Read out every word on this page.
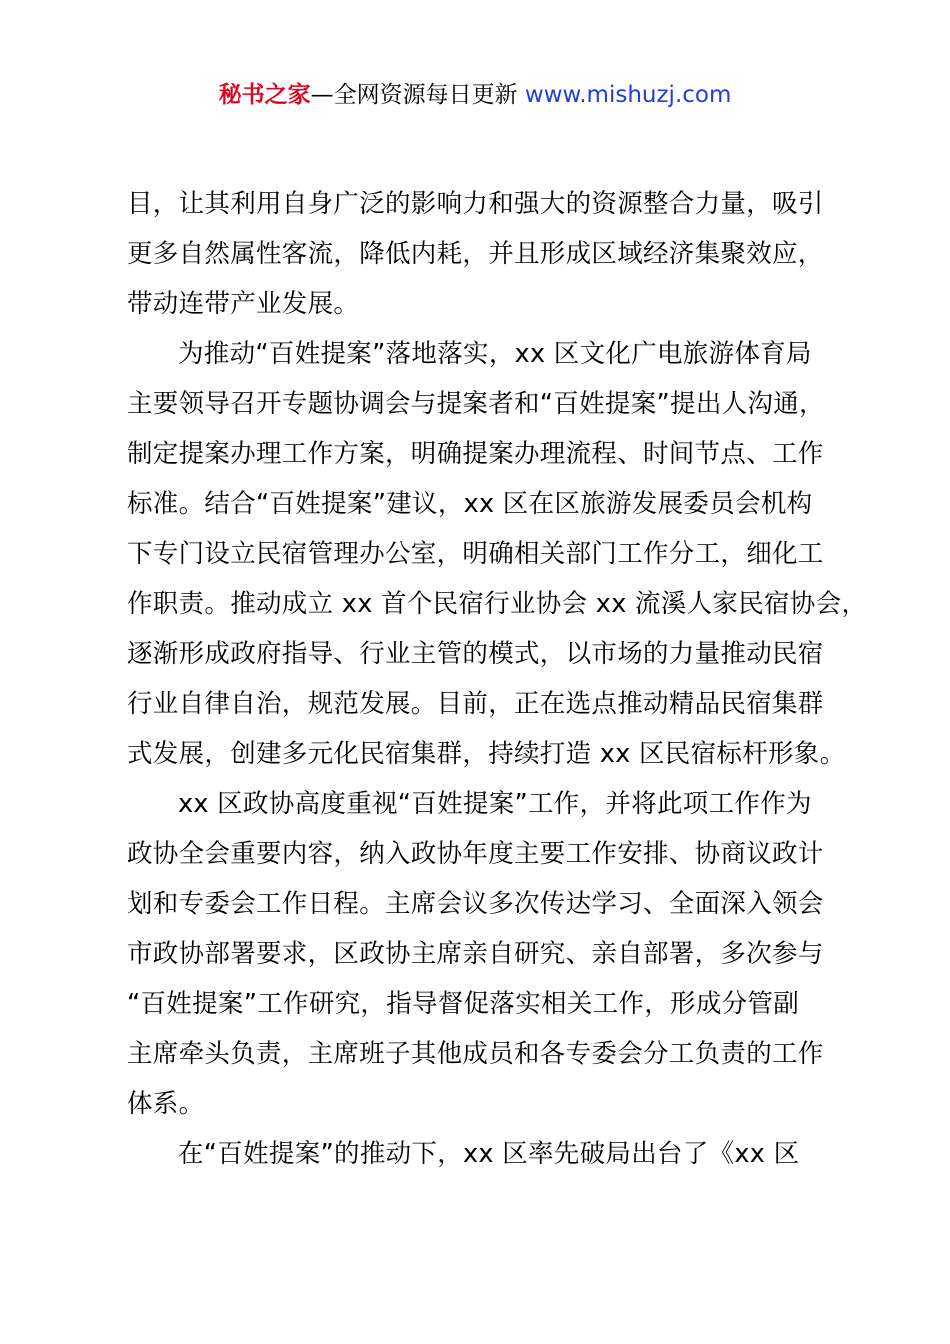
秘书之家—全网资源每日更新 www.mishuzj.com
目，让其利用自身广泛的影响力和强大的资源整合力量，吸引
更多自然属性客流，降低内耗，并且形成区域经济集聚效应，
带动连带产业发展。
为推动“百姓提案”落地落实，xx 区文化广电旅游体育局
主要领导召开专题协调会与提案者和“百姓提案”提出人沟通，
制定提案办理工作方案，明确提案办理流程、时间节点、工作
标准。结合“百姓提案”建议，xx 区在区旅游发展委员会机构
下专门设立民宿管理办公室，明确相关部门工作分工，细化工
作职责。推动成立 xx 首个民宿行业协会 xx 流溪人家民宿协会，
逐渐形成政府指导、行业主管的模式，以市场的力量推动民宿
行业自律自治，规范发展。目前，正在选点推动精品民宿集群
式发展，创建多元化民宿集群，持续打造 xx 区民宿标杆形象。
xx 区政协高度重视“百姓提案”工作，并将此项工作作为
政协全会重要内容，纳入政协年度主要工作安排、协商议政计
划和专委会工作日程。主席会议多次传达学习、全面深入领会
市政协部署要求，区政协主席亲自研究、亲自部署，多次参与
“百姓提案”工作研究，指导督促落实相关工作，形成分管副
主席牵头负责，主席班子其他成员和各专委会分工负责的工作
体系。
在“百姓提案”的推动下，xx 区率先破局出台了《xx 区
